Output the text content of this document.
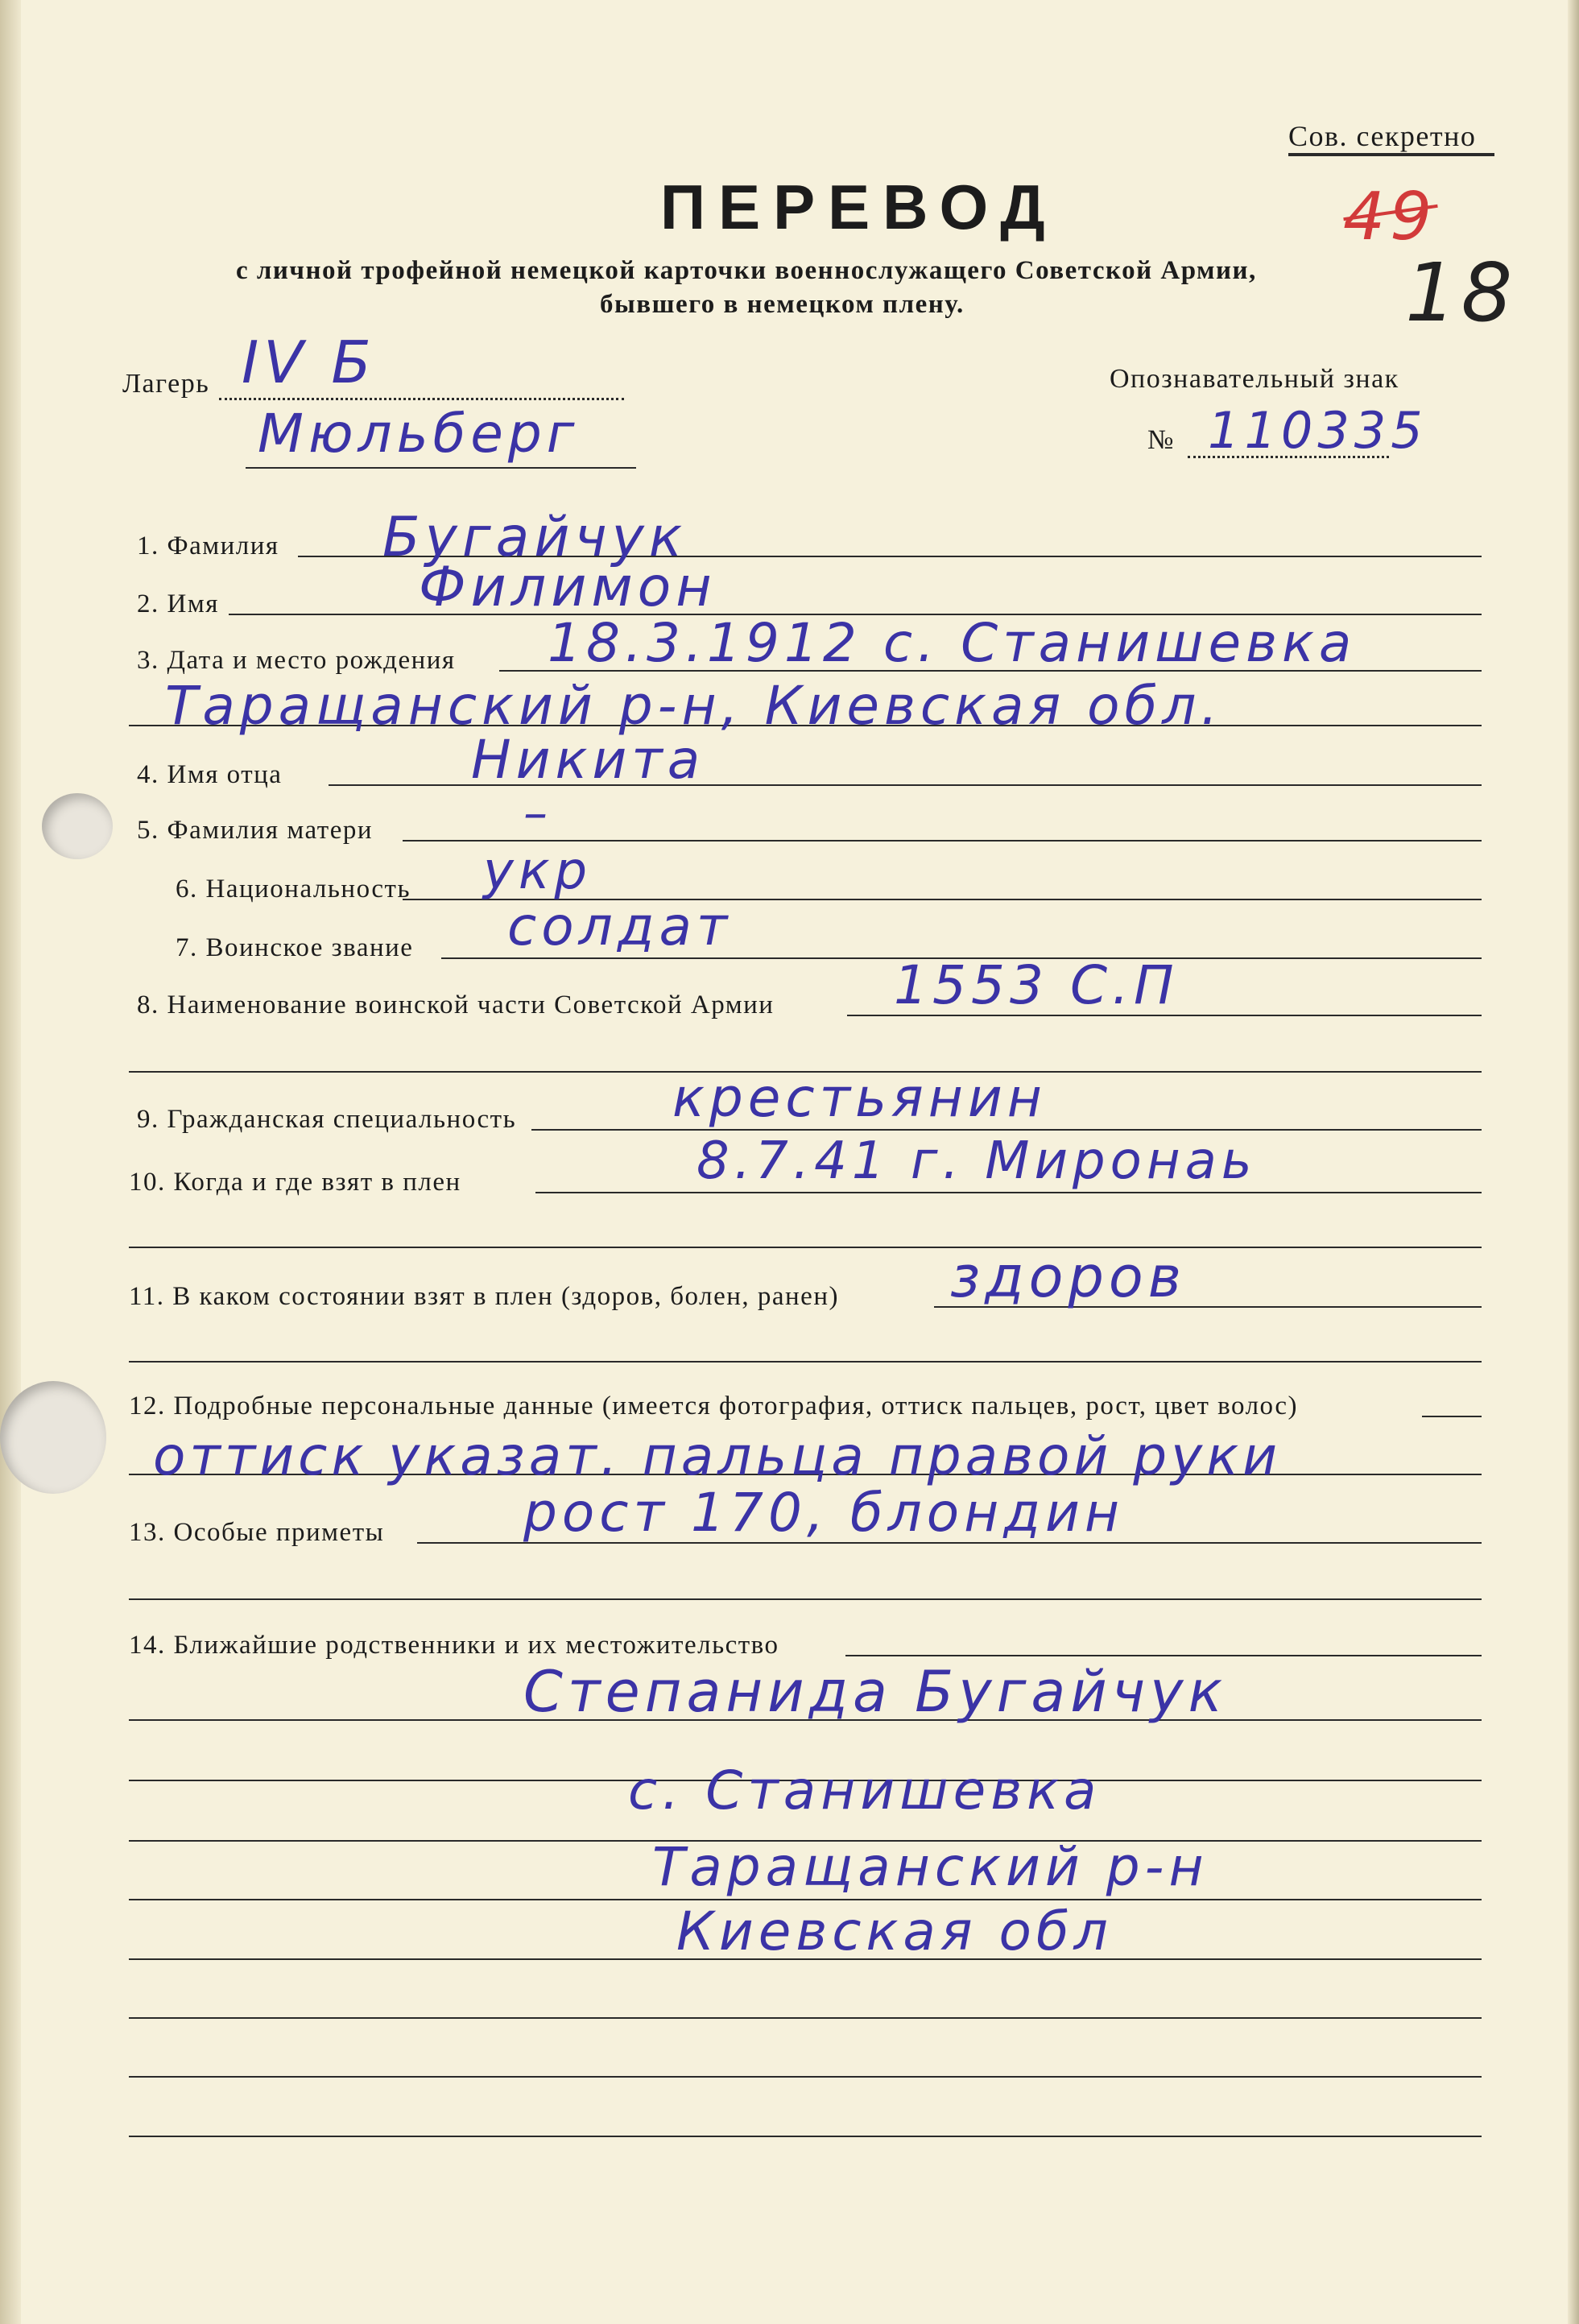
Сов. секретно
ПЕРЕВОД
с личной трофейной немецкой карточки военнослужащего Советской Армии,
бывшего в немецком плену.
49
18
Лагерь IV Б
Мюльберг
Опознавательный знак
№ 110335
1. Фамилия Бугайчук
2. Имя	Филимон
3. Дата и место рождения 18.3.1912 с. Станишевка
Таращанский р-н, Киевская обл.
4. Имя отца	Никита
5. Фамилия матери	–
6. Национальность укр
7. Воинское звание солдат
8. Наименование воинской части Советской Армии 1553 С.П
9. Гражданская специальность	крестьянин
10. Когда и где взят в плен	8.7.41 г. Миронаь
11. В каком состоянии взят в плен (здоров, болен, ранен) здоров
12. Подробные персональные данные (имеется фотография, оттиск пальцев, рост, цвет волос)
оттиск указат. пальца правой руки
13. Особые приметы	рост 170, блондин
14. Ближайшие родственники и их местожительство
Степанида Бугайчук
с. Станишевка
Таращанский р-н
Киевская обл
